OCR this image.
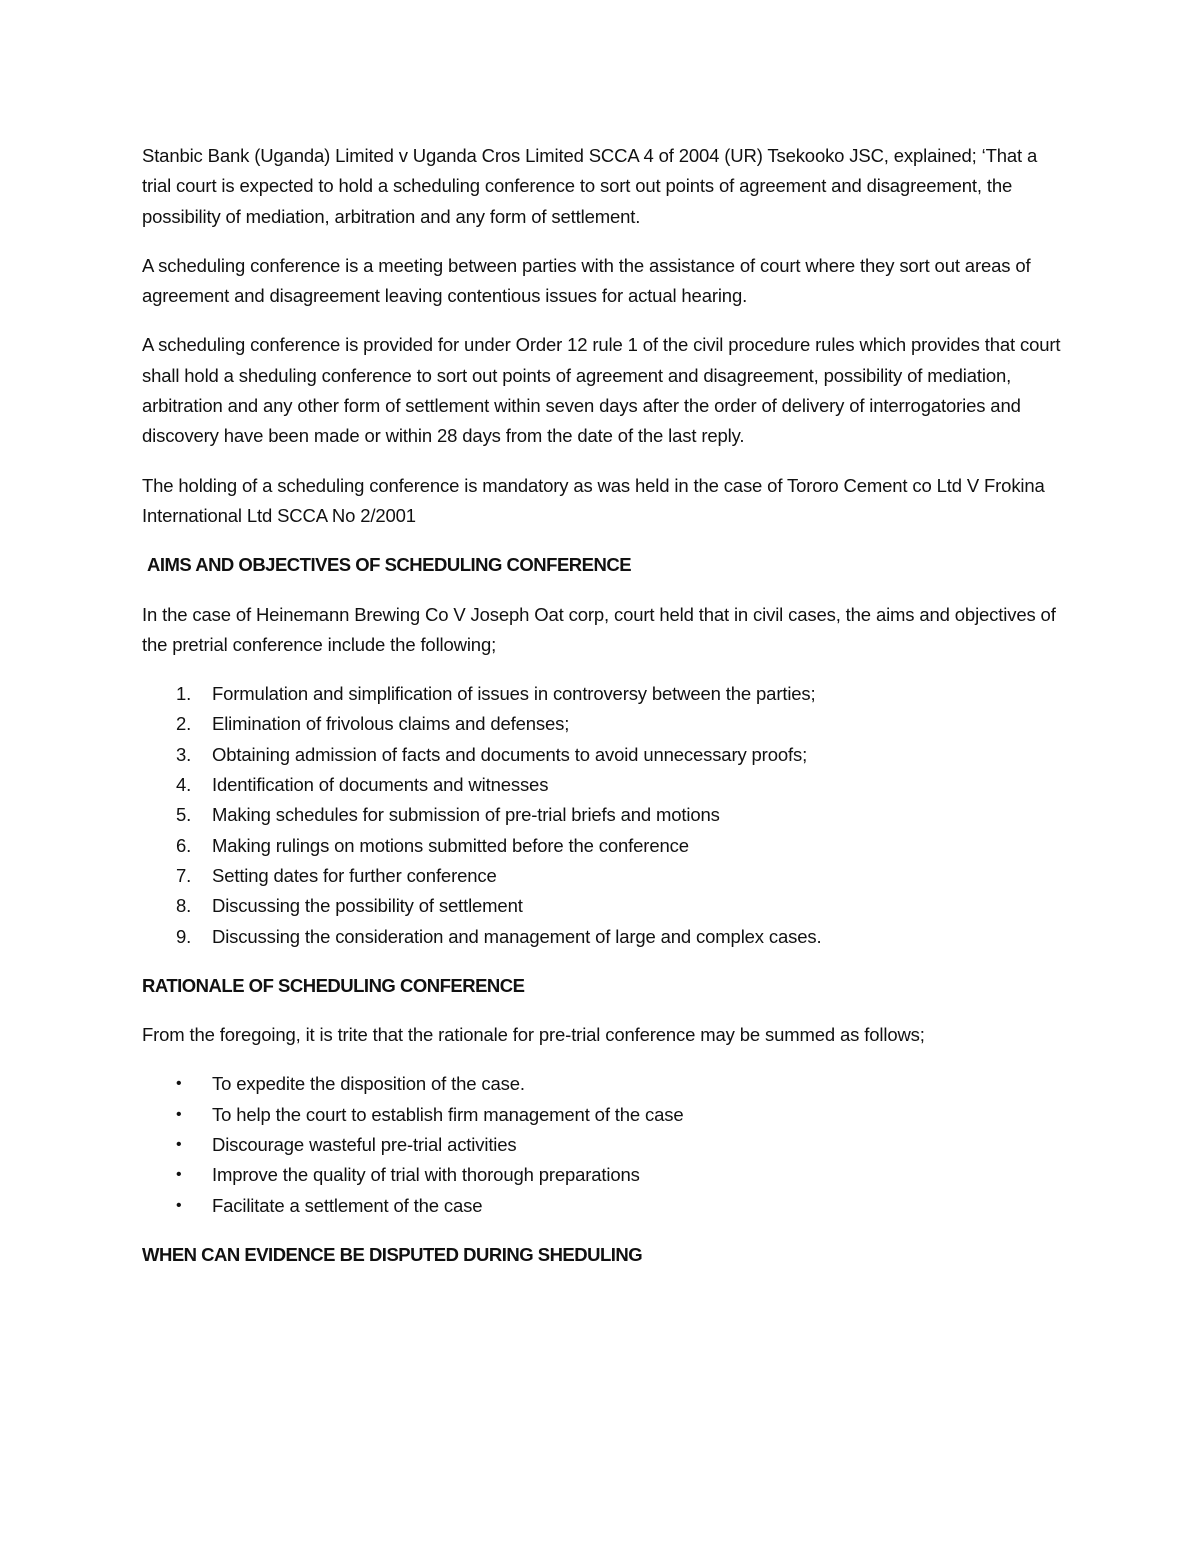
Stanbic Bank (Uganda) Limited v Uganda Cros Limited SCCA 4 of 2004 (UR) Tsekooko JSC, explained; ‘That a trial court is expected to hold a scheduling conference to sort out points of agreement and disagreement, the possibility of mediation, arbitration and any form of settlement.

A scheduling conference is a meeting between parties with the assistance of court where they sort out areas of agreement and disagreement leaving contentious issues for actual hearing.

A scheduling conference is provided for under Order 12 rule 1 of the civil procedure rules which provides that court shall hold a sheduling conference to sort out points of agreement and disagreement, possibility of mediation, arbitration and any other form of settlement within seven days after the order of delivery of interrogatories and discovery have been made or within 28 days from the date of the last reply.

The holding of a scheduling conference is mandatory as was held in the case of Tororo Cement co Ltd V Frokina International Ltd SCCA No 2/2001

AIMS AND OBJECTIVES OF SCHEDULING CONFERENCE

In the case of Heinemann Brewing Co V Joseph Oat corp, court held that in civil cases, the aims and objectives of the pretrial conference include the following;

1. Formulation and simplification of issues in controversy between the parties;
2. Elimination of frivolous claims and defenses;
3. Obtaining admission of facts and documents to avoid unnecessary proofs;
4. Identification of documents and witnesses
5. Making schedules for submission of pre-trial briefs and motions
6. Making rulings on motions submitted before the conference
7. Setting dates for further conference
8. Discussing the possibility of settlement
9. Discussing the consideration and management of large and complex cases.
RATIONALE OF SCHEDULING CONFERENCE

From the foregoing, it is trite that the rationale for pre-trial conference may be summed as follows;

• To expedite the disposition of the case.
• To help the court to establish firm management of the case
• Discourage wasteful pre-trial activities
• Improve the quality of trial with thorough preparations
• Facilitate a settlement of the case
WHEN CAN EVIDENCE BE DISPUTED DURING SHEDULING
